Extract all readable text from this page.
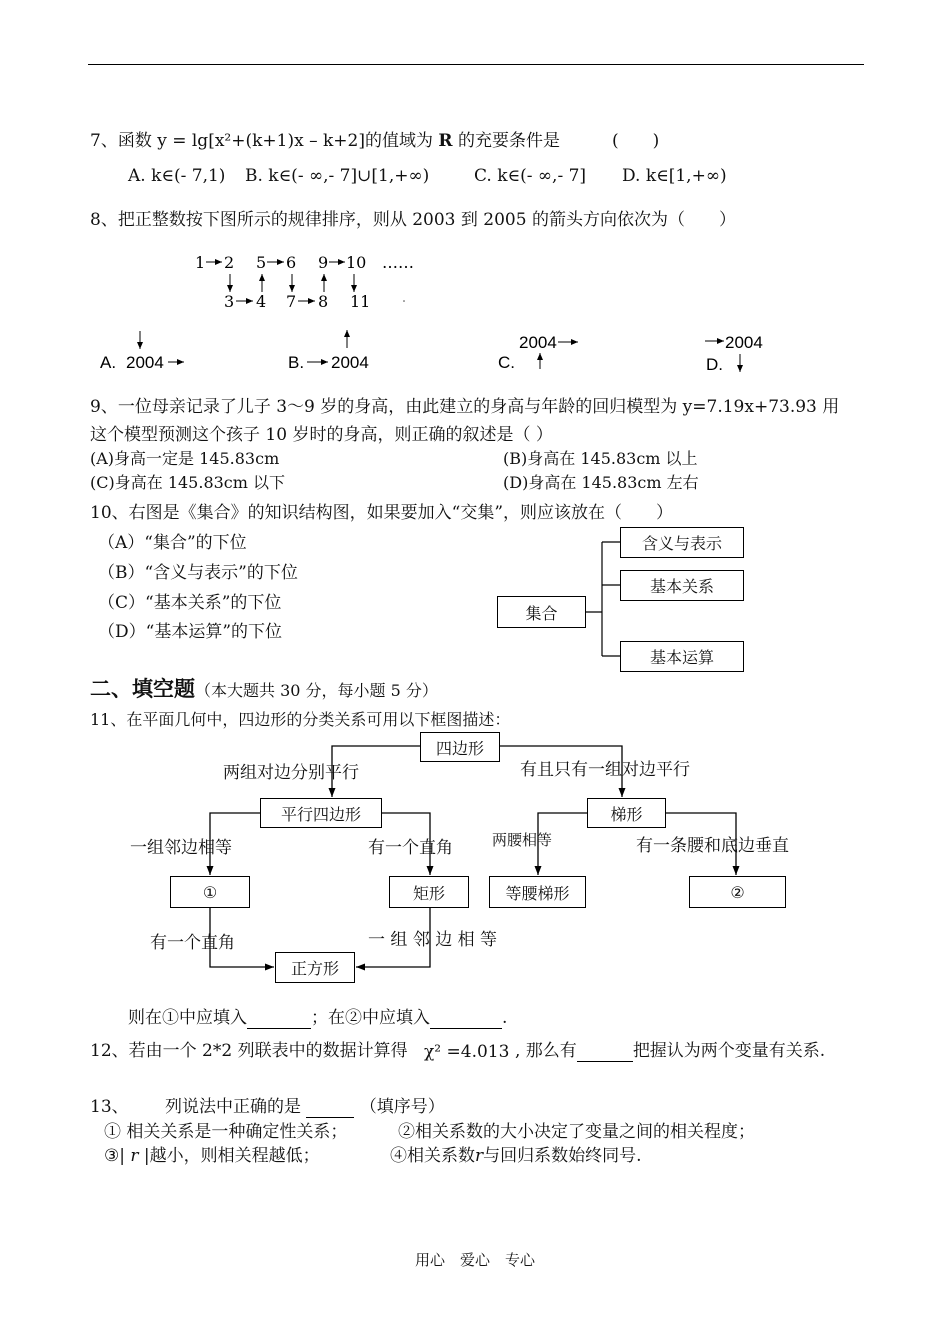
7、函数 y = lg[x²+(k+1)x – k+2]的值域为 R 的充要条件是	(　　)
A. k∈(- 7,1) B. k∈(- ∞,- 7]∪[1,+∞)	C. k∈(- ∞,- 7] D. k∈[1,+∞)
8、把正整数按下图所示的规律排序，则从 2003 到 2005 的箭头方向依次为（　　）
1 2 5 6 9 10 ……
3 4 7 8 11
A. 2004	B. 2004	C.
2004	2004
D.
9、一位母亲记录了儿子 3～9 岁的身高，由此建立的身高与年龄的回归模型为 y=7.19x+73.93 用
这个模型预测这个孩子 10 岁时的身高，则正确的叙述是（ ）
(A)身高一定是 145.83cm	(B)身高在 145.83cm 以上
(C)身高在 145.83cm 以下	(D)身高在 145.83cm 左右
10、右图是《集合》的知识结构图，如果要加入“交集”，则应该放在（　　）
（A）“集合”的下位
（B）“含义与表示”的下位
（C）“基本关系”的下位
（D）“基本运算”的下位
集合
含义与表示
基本关系
基本运算
二、填空题（本大题共 30 分，每小题 5 分）
11、在平面几何中，四边形的分类关系可用以下框图描述：
四边形
平行四边形	梯形
①	矩形	等腰梯形	②
正方形
两组对边分别平行	有且只有一组对边平行
一组邻边相等	有一个直角	两腰相等	有一条腰和底边垂直
有一个直角	一 组 邻 边 相 等
则在①中应填入	；在②中应填入	.
12、若由一个 2*2 列联表中的数据计算得 χ² =4.013 , 那么有	把握认为两个变量有关系.
13、 列说法中正确的是	（填序号）
① 相关关系是一种确定性关系；	②相关系数的大小决定了变量之间的相关程度；
③| r |越小，则相关程越低；	④相关系数r与回归系数始终同号.
用心　爱心　专心
